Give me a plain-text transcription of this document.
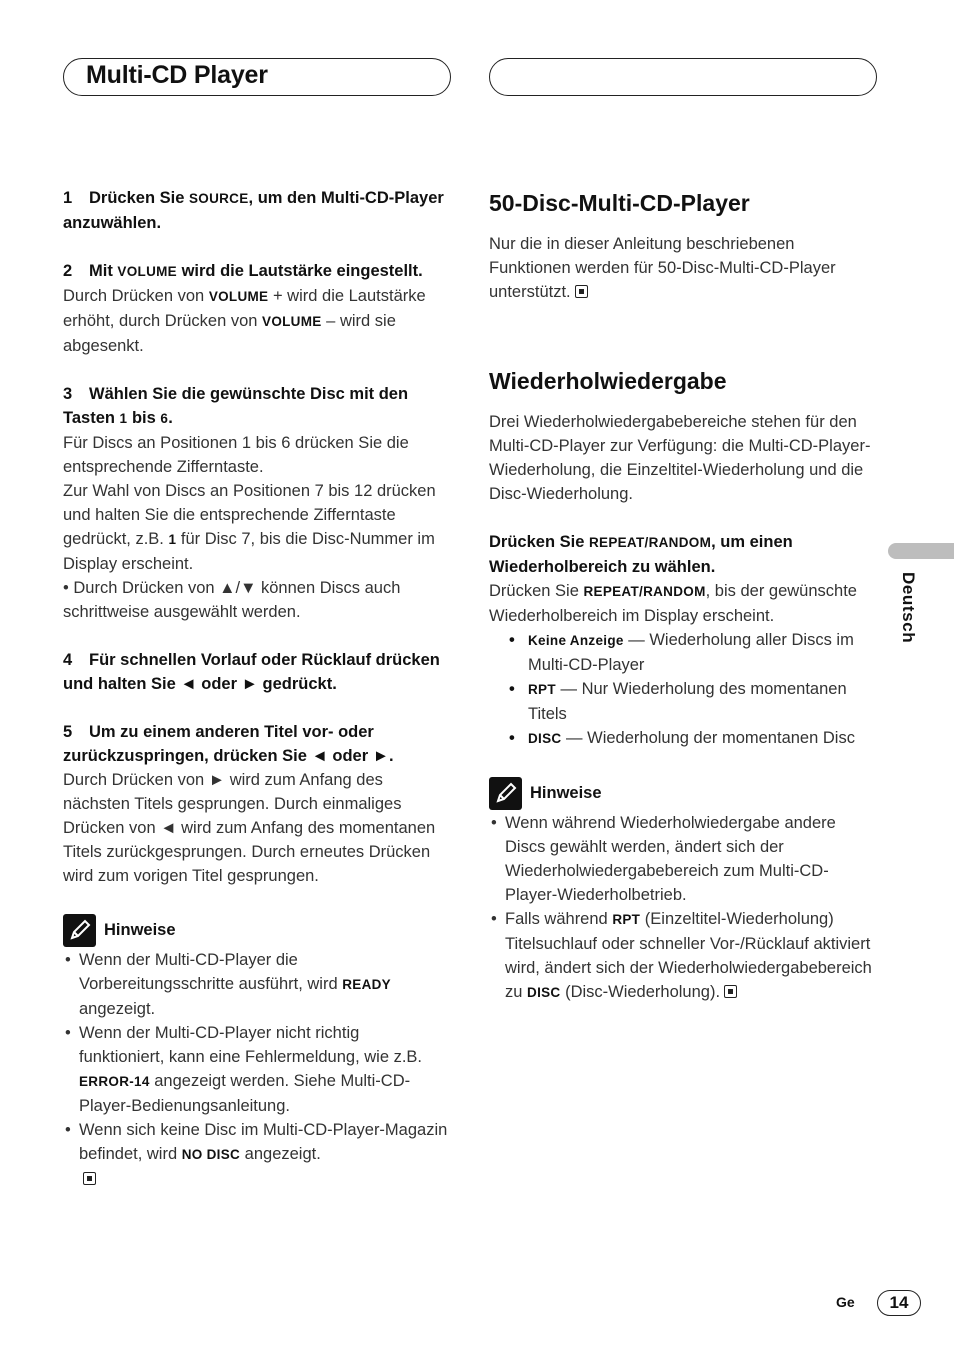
Multi-CD Player

1 Drücken Sie SOURCE, um den Multi-CD-Player anzuwählen.

2 Mit VOLUME wird die Lautstärke eingestellt.

Durch Drücken von VOLUME + wird die Lautstärke erhöht, durch Drücken von VOLUME – wird sie abgesenkt.

3 Wählen Sie die gewünschte Disc mit den Tasten 1 bis 6.

Für Discs an Positionen 1 bis 6 drücken Sie die entsprechende Zifferntaste.

Zur Wahl von Discs an Positionen 7 bis 12 drücken und halten Sie die entsprechende Zifferntaste gedrückt, z.B. 1 für Disc 7, bis die Disc-Nummer im Display erscheint.

• Durch Drücken von ▲/▼ können Discs auch schrittweise ausgewählt werden.

4 Für schnellen Vorlauf oder Rücklauf drücken und halten Sie ◄ oder ► gedrückt.

5 Um zu einem anderen Titel vor- oder zurückzuspringen, drücken Sie ◄ oder ►.

Durch Drücken von ► wird zum Anfang des nächsten Titels gesprungen. Durch einmaliges Drücken von ◄ wird zum Anfang des momentanen Titels zurückgesprungen. Durch erneutes Drücken wird zum vorigen Titel gesprungen.

Hinweise
• Wenn der Multi-CD-Player die Vorbereitungsschritte ausführt, wird READY angezeigt.
• Wenn der Multi-CD-Player nicht richtig funktioniert, kann eine Fehlermeldung, wie z.B. ERROR-14 angezeigt werden. Siehe Multi-CD-Player-Bedienungsanleitung.
• Wenn sich keine Disc im Multi-CD-Player-Magazin befindet, wird NO DISC angezeigt.

50-Disc-Multi-CD-Player

Nur die in dieser Anleitung beschriebenen Funktionen werden für 50-Disc-Multi-CD-Player unterstützt.

Wiederholwiedergabe

Drei Wiederholwiedergabebereiche stehen für den Multi-CD-Player zur Verfügung: die Multi-CD-Player-Wiederholung, die Einzeltitel-Wiederholung und die Disc-Wiederholung.

Drücken Sie REPEAT/RANDOM, um einen Wiederholbereich zu wählen.

Drücken Sie REPEAT/RANDOM, bis der gewünschte Wiederholbereich im Display erscheint.

• Keine Anzeige — Wiederholung aller Discs im Multi-CD-Player
• RPT — Nur Wiederholung des momentanen Titels
• DISC — Wiederholung der momentanen Disc
Hinweise
• Wenn während Wiederholwiedergabe andere Discs gewählt werden, ändert sich der Wiederholwiedergabebereich zum Multi-CD-Player-Wiederholbetrieb.
• Falls während RPT (Einzeltitel-Wiederholung) Titelsuchlauf oder schneller Vor-/Rücklauf aktiviert wird, ändert sich der Wiederholwiedergabebereich zu DISC (Disc-Wiederholung).
Deutsch
Ge	14
